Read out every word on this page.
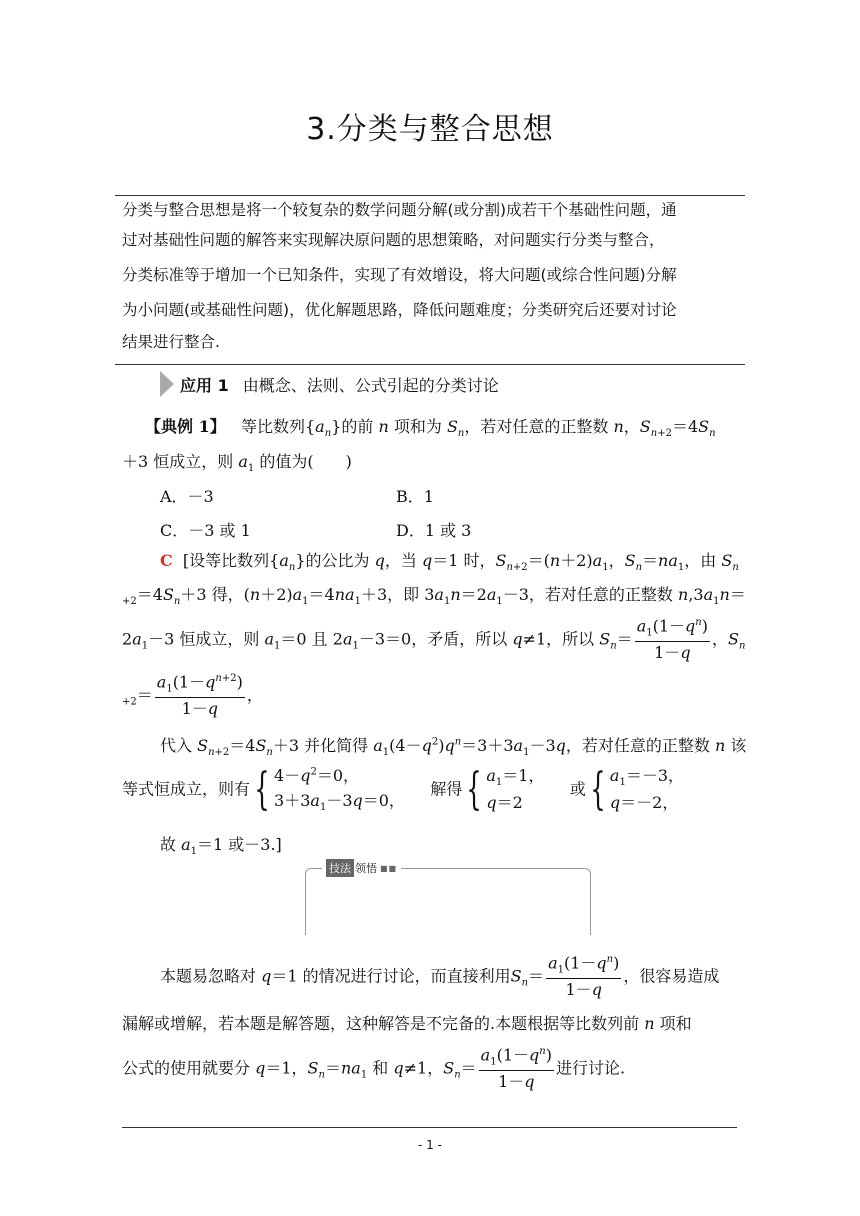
3.分类与整合思想
分类与整合思想是将一个较复杂的数学问题分解(或分割)成若干个基础性问题，通
过对基础性问题的解答来实现解决原问题的思想策略，对问题实行分类与整合，
分类标准等于增加一个已知条件，实现了有效增设，将大问题(或综合性问题)分解
为小问题(或基础性问题)，优化解题思路，降低问题难度；分类研究后还要对讨论
结果进行整合.
应用 1 由概念、法则、公式引起的分类讨论
【典例 1】   等比数列$\{a_n\}$的前 n 项和为 $S_n$，若对任意的正整数 n，$S_{n+2}=4S_n$
＋3 恒成立，则 $a_1$ 的值为(　　)
A．－3	B．1
C．－3 或 1	D．1 或 3
C  [设等比数列$\{a_n\}$的公比为 q，当 q＝1 时，$S_{n+2}=(n+2)a_1$，$S_n=na_1$，由 $S_n$
$_{+2}=4S_n+3$ 得，$(n+2)a_1=4na_1+3$，即 $3a_1n=2a_1-3$，若对任意的正整数 $n,3a_1n=$
$2a_1-3$ 恒成立，则 $a_1=0$ 且 $2a_1-3=0$，矛盾，所以 q≠1，所以 $S_n= \frac{a_1(1-q^n)}{1-q}$ ，$S_n$
$_{+2}= \frac{a_1(1-q^{n+2})}{1-q}$ ，
代入 $S_{n+2}=4S_n+3$ 并化简得 $a_1(4-q^2)q^n=3+3a_1-3q$，若对任意的正整数 n 该
等式恒成立，则有 { $4-q^2=0$，
$3+3a_1-3q=0$，
解得 { $a_1=1$，
q＝2
或 { $a_1=-3$，
q＝－2，
故 $a_1=1$ 或－3.]
技法 领悟 ■■
本题易忽略对 q＝1 的情况进行讨论，而直接利用$S_n= \frac{a_1(1-q^n)}{1-q}$ ，很容易造成
漏解或增解，若本题是解答题，这种解答是不完备的.本题根据等比数列前 n 项和
公式的使用就要分 q＝1，$S_n=na_1$ 和 q≠1，$S_n= \frac{a_1(1-q^n)}{1-q}$ 进行讨论.
- 1 -
